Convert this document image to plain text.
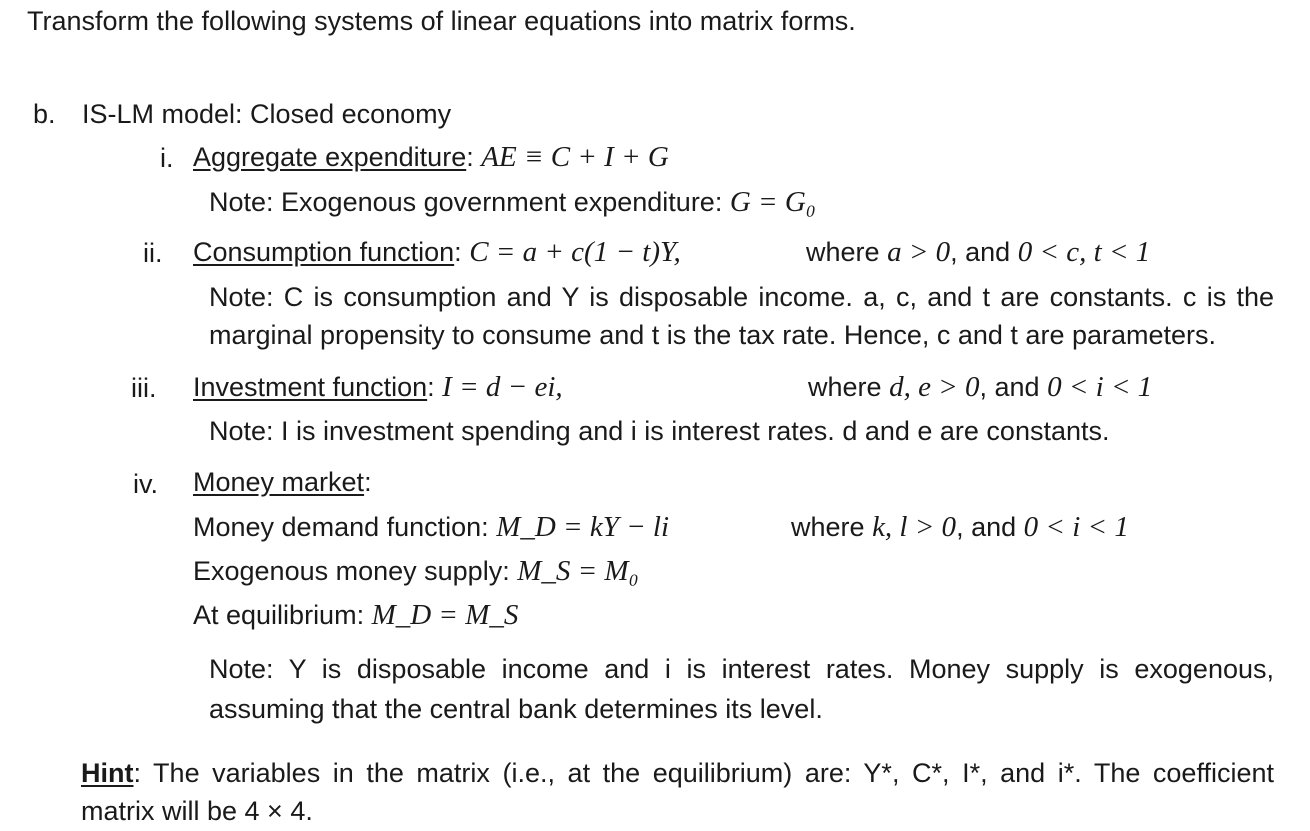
Transform the following systems of linear equations into matrix forms.
b. IS-LM model: Closed economy
i. Aggregate expenditure: AE ≡ C + I + G
Note: Exogenous government expenditure: G = G₀
ii. Consumption function: C = a + c(1 − t)Y,	where a > 0, and 0 < c, t < 1
Note: C is consumption and Y is disposable income. a, c, and t are constants. c is the
marginal propensity to consume and t is the tax rate. Hence, c and t are parameters.
iii. Investment function: I = d − ei,	where d, e > 0, and 0 < i < 1
Note: I is investment spending and i is interest rates. d and e are constants.
iv. Money market:
Money demand function: M_D = kY − li	where k, l > 0, and 0 < i < 1
Exogenous money supply: M_S = M₀
At equilibrium: M_D = M_S
Note: Y is disposable income and i is interest rates. Money supply is exogenous,
assuming that the central bank determines its level.
Hint: The variables in the matrix (i.e., at the equilibrium) are: Y*, C*, I*, and i*. The coefficient
matrix will be 4 × 4.
